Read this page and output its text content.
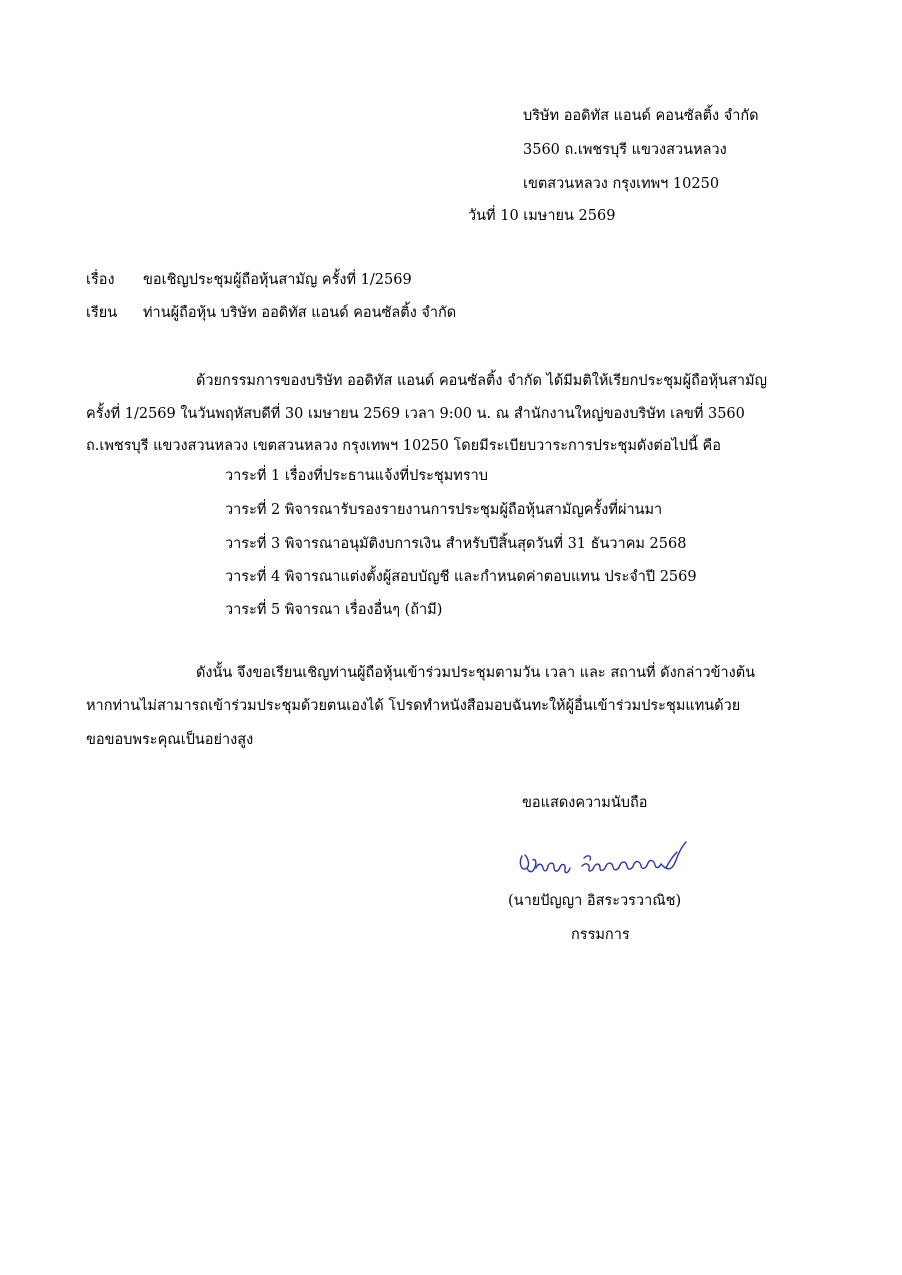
บริษัท ออดิทัส แอนด์ คอนซัลติ้ง จำกัด
3560 ถ.เพชรบุรี แขวงสวนหลวง
เขตสวนหลวง กรุงเทพฯ 10250
วันที่ 10 เมษายน 2569
เรื่อง ขอเชิญประชุมผู้ถือหุ้นสามัญ ครั้งที่ 1/2569
เรียน ท่านผู้ถือหุ้น บริษัท ออดิทัส แอนด์ คอนซัลติ้ง จำกัด
ด้วยกรรมการของบริษัท ออดิทัส แอนด์ คอนซัลติ้ง จำกัด ได้มีมติให้เรียกประชุมผู้ถือหุ้นสามัญ
ครั้งที่ 1/2569 ในวันพฤหัสบดีที่ 30 เมษายน 2569 เวลา 9:00 น. ณ สำนักงานใหญ่ของบริษัท เลขที่ 3560
ถ.เพชรบุรี แขวงสวนหลวง เขตสวนหลวง กรุงเทพฯ 10250 โดยมีระเบียบวาระการประชุมดังต่อไปนี้ คือ
วาระที่ 1 เรื่องที่ประธานแจ้งที่ประชุมทราบ
วาระที่ 2 พิจารณารับรองรายงานการประชุมผู้ถือหุ้นสามัญครั้งที่ผ่านมา
วาระที่ 3 พิจารณาอนุมัติงบการเงิน สำหรับปีสิ้นสุดวันที่ 31 ธันวาคม 2568
วาระที่ 4 พิจารณาแต่งตั้งผู้สอบบัญชี และกำหนดค่าตอบแทน ประจำปี 2569
วาระที่ 5 พิจารณา เรื่องอื่นๆ (ถ้ามี)
ดังนั้น จึงขอเรียนเชิญท่านผู้ถือหุ้นเข้าร่วมประชุมตามวัน เวลา และ สถานที่ ดังกล่าวข้างต้น
หากท่านไม่สามารถเข้าร่วมประชุมด้วยตนเองได้ โปรดทำหนังสือมอบฉันทะให้ผู้อื่นเข้าร่วมประชุมแทนด้วย
ขอขอบพระคุณเป็นอย่างสูง
ขอแสดงความนับถือ
(นายปัญญา อิสระวรวาณิช)
กรรมการ
